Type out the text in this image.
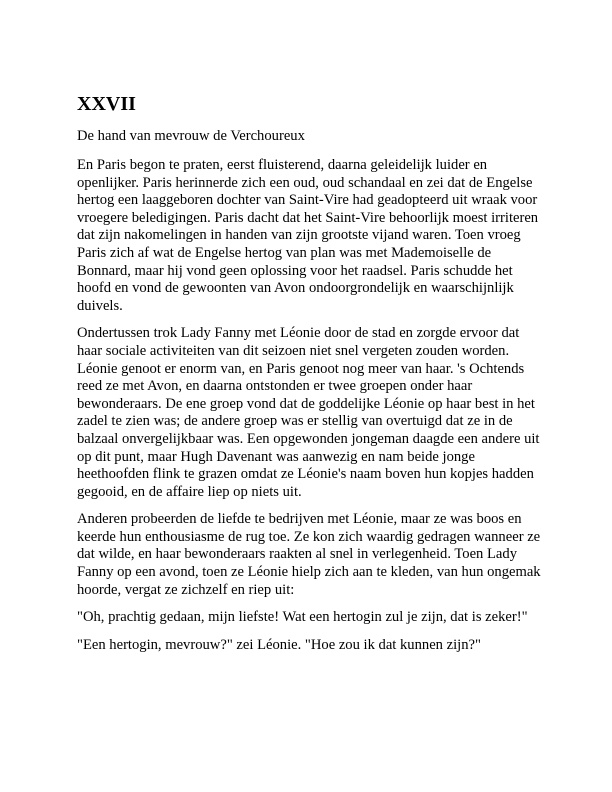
XXVII

De hand van mevrouw de Verchoureux

En Paris begon te praten, eerst fluisterend, daarna geleidelijk luider en openlijker. Paris herinnerde zich een oud, oud schandaal en zei dat de Engelse hertog een laaggeboren dochter van Saint-Vire had geadopteerd uit wraak voor vroegere beledigingen. Paris dacht dat het Saint-Vire behoorlijk moest irriteren dat zijn nakomelingen in handen van zijn grootste vijand waren. Toen vroeg Paris zich af wat de Engelse hertog van plan was met Mademoiselle de Bonnard, maar hij vond geen oplossing voor het raadsel. Paris schudde het hoofd en vond de gewoonten van Avon ondoorgrondelijk en waarschijnlijk duivels.

Ondertussen trok Lady Fanny met Léonie door de stad en zorgde ervoor dat haar sociale activiteiten van dit seizoen niet snel vergeten zouden worden. Léonie genoot er enorm van, en Paris genoot nog meer van haar. 's Ochtends reed ze met Avon, en daarna ontstonden er twee groepen onder haar bewonderaars. De ene groep vond dat de goddelijke Léonie op haar best in het zadel te zien was; de andere groep was er stellig van overtuigd dat ze in de balzaal onvergelijkbaar was. Een opgewonden jongeman daagde een andere uit op dit punt, maar Hugh Davenant was aanwezig en nam beide jonge heethoofden flink te grazen omdat ze Léonie's naam boven hun kopjes hadden gegooid, en de affaire liep op niets uit.

Anderen probeerden de liefde te bedrijven met Léonie, maar ze was boos en keerde hun enthousiasme de rug toe. Ze kon zich waardig gedragen wanneer ze dat wilde, en haar bewonderaars raakten al snel in verlegenheid. Toen Lady Fanny op een avond, toen ze Léonie hielp zich aan te kleden, van hun ongemak hoorde, vergat ze zichzelf en riep uit:

"Oh, prachtig gedaan, mijn liefste! Wat een hertogin zul je zijn, dat is zeker!"

"Een hertogin, mevrouw?" zei Léonie. "Hoe zou ik dat kunnen zijn?"
